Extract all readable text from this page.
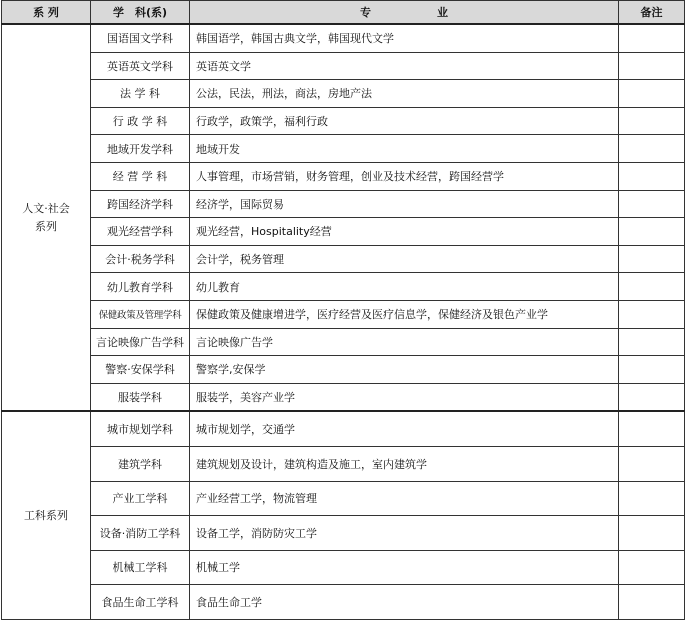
系 列	学　科(系)	专　　　　　　业	备注
人文·社会
系列	国语国文学科	韩国语学，韩国古典文学，韩国现代文学	
	英语英文学科	英语英文学	
	法 学 科	公法，民法，刑法，商法，房地产法	
	行 政 学 科	行政学，政策学，福利行政	
	地域开发学科	地域开发	
	经 营 学 科	人事管理，市场营销，财务管理，创业及技术经营，跨国经营学	
	跨国经济学科	经济学，国际贸易	
	观光经营学科	观光经营，Hospitality经营	
	会计·税务学科	会计学，税务管理	
	幼儿教育学科	幼儿教育	
	保健政策及管理学科	保健政策及健康增进学，医疗经营及医疗信息学，保健经济及银色产业学	
	言论映像广告学科	言论映像广告学	
	警察·安保学科	警察学,安保学	
	服装学科	服装学，美容产业学	
工科系列	城市规划学科	城市规划学，交通学	
	建筑学科	建筑规划及设计，建筑构造及施工，室内建筑学	
	产业工学科	产业经营工学，物流管理	
	设备·消防工学科	设备工学，消防防灾工学	
	机械工学科	机械工学	
	食品生命工学科	食品生命工学	
